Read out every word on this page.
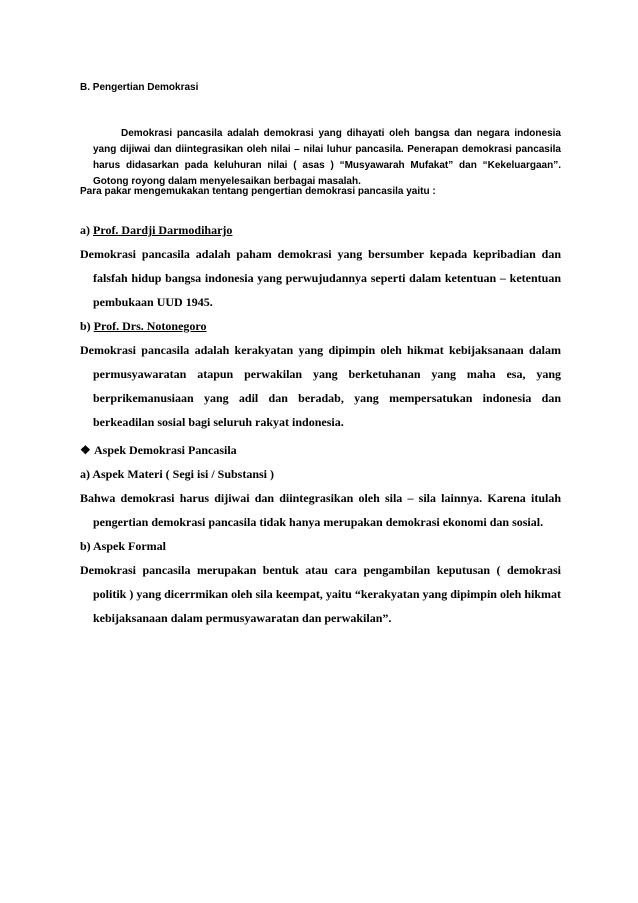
B. Pengertian Demokrasi

Demokrasi pancasila adalah demokrasi yang dihayati oleh bangsa dan negara indonesia yang dijiwai dan diintegrasikan oleh nilai – nilai luhur pancasila. Penerapan demokrasi pancasila harus didasarkan pada keluhuran nilai ( asas ) “Musyawarah Mufakat” dan “Kekeluargaan”. Gotong royong dalam menyelesaikan berbagai masalah.

Para pakar mengemukakan tentang pengertian demokrasi pancasila yaitu :

a) Prof. Dardji Darmodiharjo

Demokrasi pancasila adalah paham demokrasi yang bersumber kepada kepribadian dan falsfah hidup bangsa indonesia yang perwujudannya seperti dalam ketentuan – ketentuan pembukaan UUD 1945.

b) Prof. Drs. Notonegoro

Demokrasi pancasila adalah kerakyatan yang dipimpin oleh hikmat kebijaksanaan dalam permusyawaratan atapun perwakilan yang berketuhanan yang maha esa, yang berprikemanusiaan yang adil dan beradab, yang mempersatukan indonesia dan berkeadilan sosial bagi seluruh rakyat indonesia.

❖ Aspek Demokrasi Pancasila

a) Aspek Materi ( Segi isi / Substansi )

Bahwa demokrasi harus dijiwai dan diintegrasikan oleh sila – sila lainnya. Karena itulah pengertian demokrasi pancasila tidak hanya merupakan demokrasi ekonomi dan sosial.

b) Aspek Formal

Demokrasi pancasila merupakan bentuk atau cara pengambilan keputusan ( demokrasi politik ) yang dicerrmikan oleh sila keempat, yaitu “kerakyatan yang dipimpin oleh hikmat kebijaksanaan dalam permusyawaratan dan perwakilan”.
